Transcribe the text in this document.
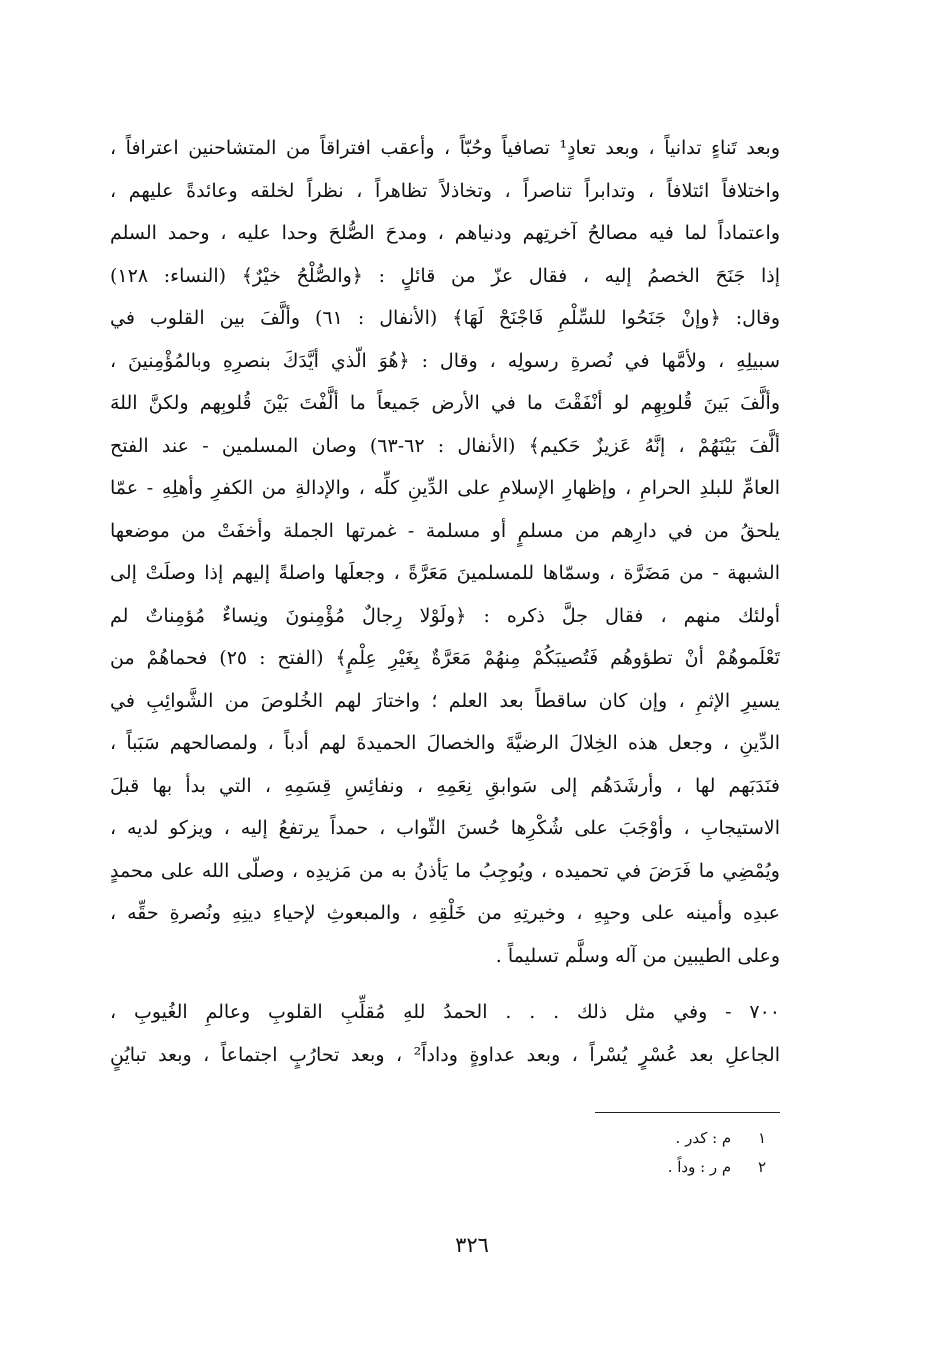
وبعد تَناءٍ تدانياً ، وبعد تعادٍ¹ تصافياً وحُبّاً ، وأعقب افتراقاً من المتشاحنين اعترافاً ،
واختلافاً ائتلافاً ، وتدابراً تناصراً ، وتخاذلاً تظاهراً ، نظراً لخلقه وعائدةً عليهم ،
واعتماداً لما فيه مصالحُ آخرتِهم ودنياهم ، ومدحَ الصُّلحَ وحدا عليه ، وحمد السلم
إذا جَنَحَ الخصمُ إليه ، فقال عزّ من قائلٍ : ﴿والصُّلْحُ خيْرٌ﴾ (النساء: ١٢٨)
وقال: ﴿وإنْ جَنَحُوا للسِّلْمِ فَاجْنَحْ لَهَا﴾ (الأنفال : ٦١) وألَّفَ بين القلوب في
سبيلِهِ ، ولأمَّها في نُصرةِ رسولِه ، وقال : ﴿هُوَ الّذي أيَّدَكَ بنصرِهِ وبالمُؤْمِنينَ ،
وألَّفَ بَينَ قُلوبِهِم لو أنْفَقْتَ ما في الأرض جَميعاً ما ألَّفْتَ بَيْنَ قُلوبِهم ولكنَّ اللهَ
ألَّفَ بَيْنَهُمْ ، إنَّهُ عَزيزٌ حَكيم﴾ (الأنفال : ٦٢-٦٣) وصان المسلمين - عند الفتح
العامِّ للبلدِ الحرامِ ، وإظهارِ الإسلامِ على الدِّينِ كلِّه ، والإدالةِ من الكفرِ وأهلِهِ - عمّا
يلحقُ من في دارِهم من مسلمٍ أو مسلمة - غمرتها الجملة وأخفَتْ من موضعها
الشبهة - من مَضَرَّة ، وسمّاها للمسلمينَ مَعَرَّةً ، وجعلَها واصلةً إليهم إذا وصلَتْ إلى
أولئك منهم ، فقال جلَّ ذكره : ﴿ولَوْلا رِجالٌ مُؤْمِنونَ ونِساءٌ مُؤمِناتٌ لم
تَعْلَموهُمْ أنْ تطؤوهُم فَتُصيبَكُمْ مِنهُمْ مَعَرَّةٌ بِغَيْرِ عِلْمٍ﴾ (الفتح : ٢٥) فحماهُمْ من
يسيرِ الإثمِ ، وإن كان ساقطاً بعد العلم ؛ واختارَ لهم الخُلوصَ من الشَّوائِبِ في
الدِّينِ ، وجعل هذه الخِلالَ الرضيَّةَ والخصالَ الحميدةَ لهم أدباً ، ولمصالحهم سَبَباً ،
فنَدَبَهم لها ، وأرشَدَهُم إلى سَوابقِ نِعَمِهِ ، ونفائِسِ قِسَمِهِ ، التي بدأ بها قبلَ
الاستيجابِ ، وأوْجَبَ على شُكْرِها حُسنَ الثّواب ، حمداً يرتفعُ إليه ، ويزكو لديه ،
ويُمْضِي ما فَرَضَ في تحميده ، ويُوجِبُ ما يَأذنُ به من مَزيدِه ، وصلّى الله على محمدٍ
عبدِه وأمينه على وحيِهِ ، وخيرتِهِ من خَلْقِهِ ، والمبعوثِ لإحياءِ دينِهِ ونُصرةِ حقِّه ،
وعلى الطيبين من آله وسلَّم تسليماً .
٧٠٠ - وفي مثل ذلك . . . الحمدُ للهِ مُقلِّبِ القلوبِ وعالمِ الغُيوبِ ،
الجاعلِ بعد عُسْرٍ يُسْراً ، وبعد عداوةٍ وداداً² ، وبعد تحارُبٍ اجتماعاً ، وبعد تبايُنٍ
١ م : كدر .
٢ م ر : وداً .
٣٢٦
